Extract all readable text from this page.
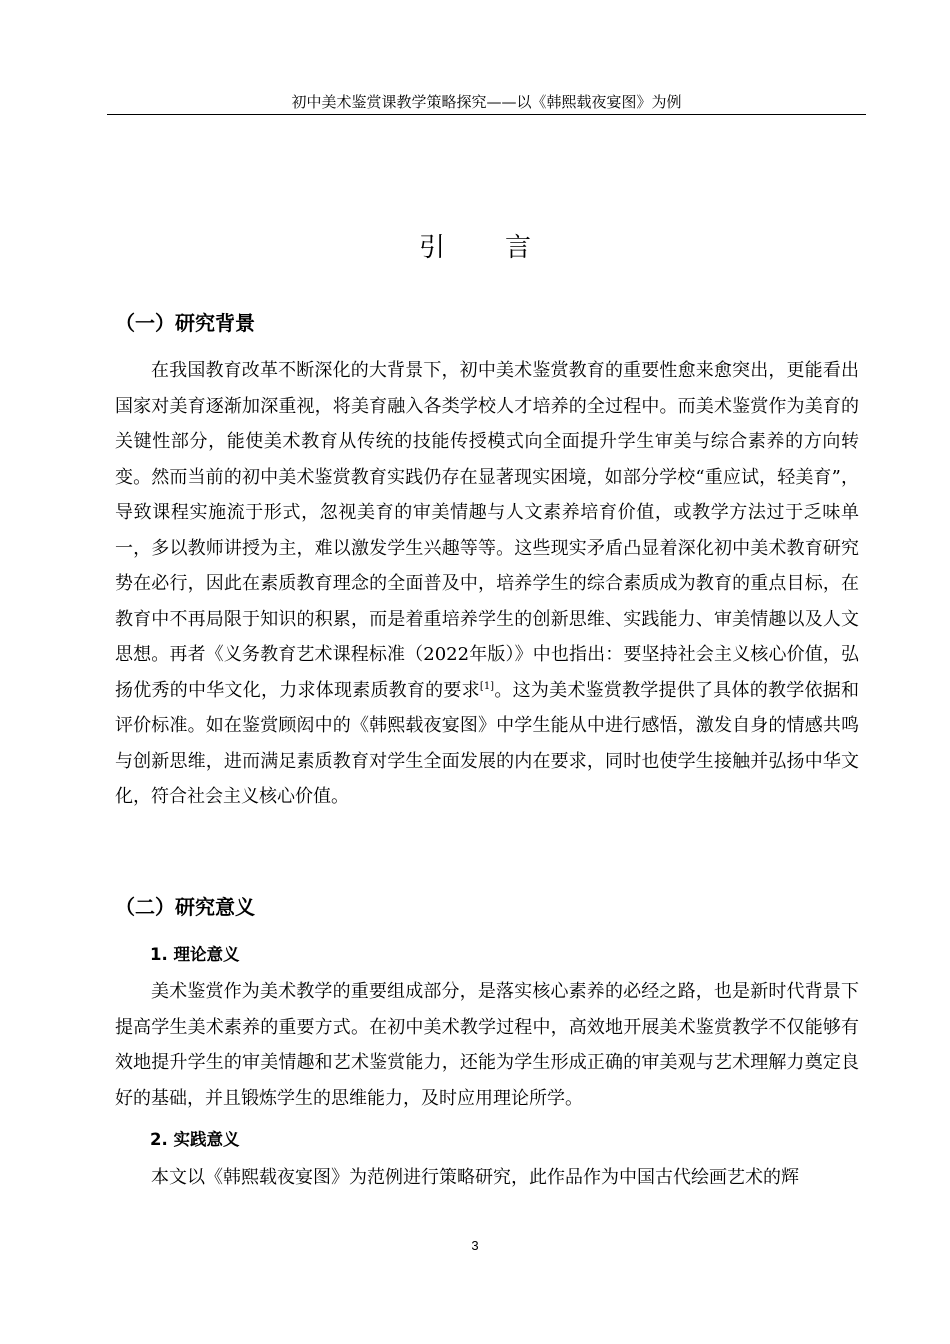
初中美术鉴赏课教学策略探究——以《韩熙载夜宴图》为例
引言
（一）研究背景
在我国教育改革不断深化的大背景下，初中美术鉴赏教育的重要性愈来愈突出，更能看出国家对美育逐渐加深重视，将美育融入各类学校人才培养的全过程中。而美术鉴赏作为美育的关键性部分，能使美术教育从传统的技能传授模式向全面提升学生审美与综合素养的方向转变。然而当前的初中美术鉴赏教育实践仍存在显著现实困境，如部分学校“重应试，轻美育”，导致课程实施流于形式，忽视美育的审美情趣与人文素养培育价值，或教学方法过于乏味单一，多以教师讲授为主，难以激发学生兴趣等等。这些现实矛盾凸显着深化初中美术教育研究势在必行，因此在素质教育理念的全面普及中，培养学生的综合素质成为教育的重点目标，在教育中不再局限于知识的积累，而是着重培养学生的创新思维、实践能力、审美情趣以及人文思想。再者《义务教育艺术课程标准（2022年版）》中也指出：要坚持社会主义核心价值，弘扬优秀的中华文化，力求体现素质教育的要求[1]。这为美术鉴赏教学提供了具体的教学依据和评价标准。如在鉴赏顾闳中的《韩熙载夜宴图》中学生能从中进行感悟，激发自身的情感共鸣与创新思维，进而满足素质教育对学生全面发展的内在要求，同时也使学生接触并弘扬中华文化，符合社会主义核心价值。
（二）研究意义
1. 理论意义
美术鉴赏作为美术教学的重要组成部分，是落实核心素养的必经之路，也是新时代背景下提高学生美术素养的重要方式。在初中美术教学过程中，高效地开展美术鉴赏教学不仅能够有效地提升学生的审美情趣和艺术鉴赏能力，还能为学生形成正确的审美观与艺术理解力奠定良好的基础，并且锻炼学生的思维能力，及时应用理论所学。
2. 实践意义
本文以《韩熙载夜宴图》为范例进行策略研究，此作品作为中国古代绘画艺术的辉
3
